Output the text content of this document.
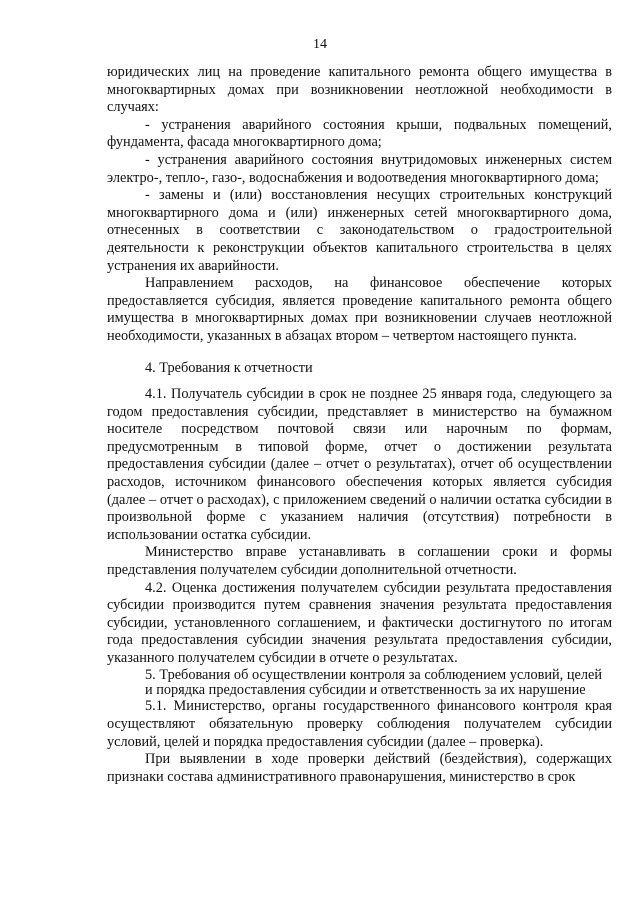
14

юридических лиц на проведение капитального ремонта общего имущества в многоквартирных домах при возникновении неотложной необходимости в случаях:

- устранения аварийного состояния крыши, подвальных помещений, фундамента, фасада многоквартирного дома;

- устранения аварийного состояния внутридомовых инженерных систем электро-, тепло-, газо-, водоснабжения и водоотведения многоквартирного дома;

- замены и (или) восстановления несущих строительных конструкций многоквартирного дома и (или) инженерных сетей многоквартирного дома, отнесенных в соответствии с законодательством о градостроительной деятельности к реконструкции объектов капитального строительства в целях устранения их аварийности.

Направлением расходов, на финансовое обеспечение которых предоставляется субсидия, является проведение капитального ремонта общего имущества в многоквартирных домах при возникновении случаев неотложной необходимости, указанных в абзацах втором – четвертом настоящего пункта.

4. Требования к отчетности

4.1. Получатель субсидии в срок не позднее 25 января года, следующего за годом предоставления субсидии, представляет в министерство на бумажном носителе посредством почтовой связи или нарочным по формам, предусмотренным в типовой форме, отчет о достижении результата предоставления субсидии (далее – отчет о результатах), отчет об осуществлении расходов, источником финансового обеспечения которых является субсидия (далее – отчет о расходах), с приложением сведений о наличии остатка субсидии в произвольной форме с указанием наличия (отсутствия) потребности в использовании остатка субсидии.

Министерство вправе устанавливать в соглашении сроки и формы представления получателем субсидии дополнительной отчетности.

4.2. Оценка достижения получателем субсидии результата предоставления субсидии производится путем сравнения значения результата предоставления субсидии, установленного соглашением, и фактически достигнутого по итогам года предоставления субсидии значения результата предоставления субсидии, указанного получателем субсидии в отчете о результатах.

5. Требования об осуществлении контроля за соблюдением условий, целей и порядка предоставления субсидии и ответственность за их нарушение

5.1. Министерство, органы государственного финансового контроля края осуществляют обязательную проверку соблюдения получателем субсидии условий, целей и порядка предоставления субсидии (далее – проверка).

При выявлении в ходе проверки действий (бездействия), содержащих признаки состава административного правонарушения, министерство в срок
